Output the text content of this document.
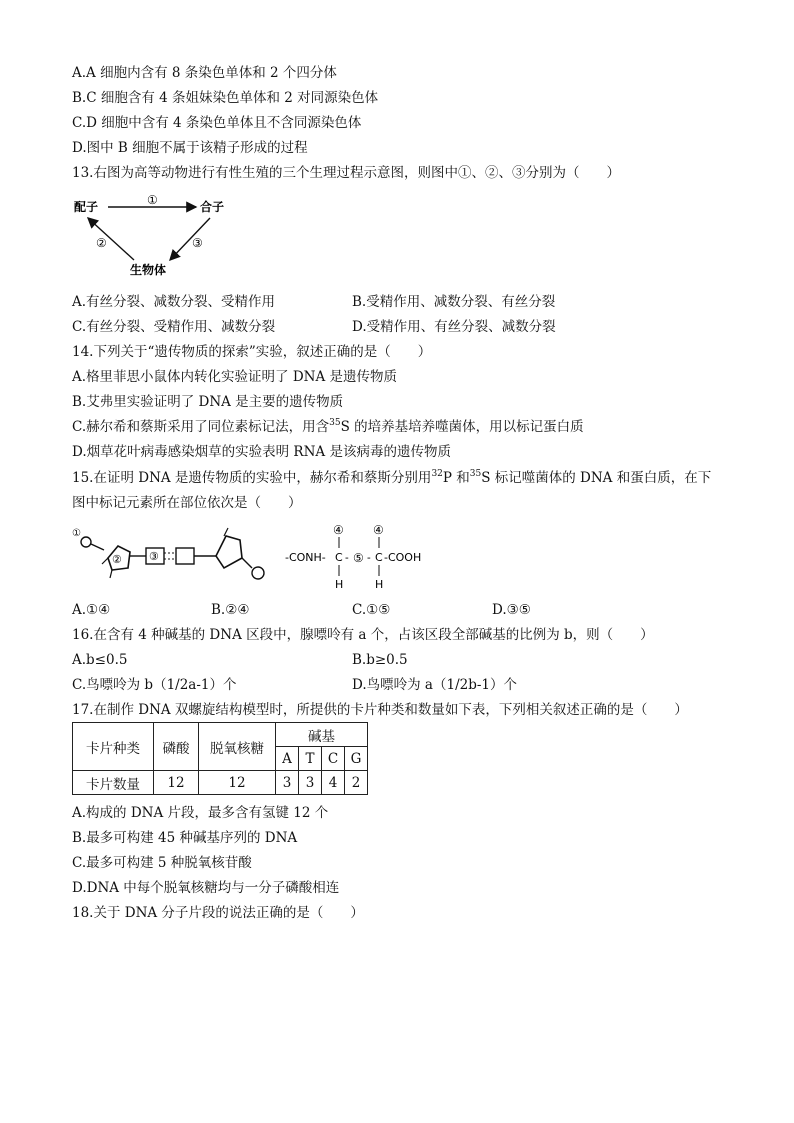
A.A 细胞内含有 8 条染色单体和 2 个四分体
B.C 细胞含有 4 条姐妹染色单体和 2 对同源染色体
C.D 细胞中含有 4 条染色单体且不含同源染色体
D.图中 B 细胞不属于该精子形成的过程
13.右图为高等动物进行有性生殖的三个生理过程示意图，则图中①、②、③分别为（　　）
配子	合子
生物体
①
②	③
A.有丝分裂、减数分裂、受精作用	B.受精作用、减数分裂、有丝分裂
C.有丝分裂、受精作用、减数分裂	D.受精作用、有丝分裂、减数分裂
14.下列关于“遗传物质的探索”实验，叙述正确的是（　　）
A.格里菲思小鼠体内转化实验证明了 DNA 是遗传物质
B.艾弗里实验证明了 DNA 是主要的遗传物质
C.赫尔希和蔡斯采用了同位素标记法，用含$^{35}$S 的培养基培养噬菌体，用以标记蛋白质
D.烟草花叶病毒感染烟草的实验表明 RNA 是该病毒的遗传物质
15.在证明 DNA 是遗传物质的实验中，赫尔希和蔡斯分别用$^{32}$P 和$^{35}$S 标记噬菌体的 DNA 和蛋白质，在下
图中标记元素所在部位依次是（　　）
② ③
①	④ ④
-CONH- C - ⑤ - C -COOH
H	H
A.①④	B.②④	C.①⑤	D.③⑤
16.在含有 4 种碱基的 DNA 区段中，腺嘌呤有 a 个，占该区段全部碱基的比例为 b，则（　　）
A.b≤0.5	B.b≥0.5
C.鸟嘌呤为 b（1/2a-1）个	D.鸟嘌呤为 a（1/2b-1）个
17.在制作 DNA 双螺旋结构模型时，所提供的卡片种类和数量如下表，下列相关叙述正确的是（　　）
卡片种类	磷酸	脱氧核糖	碱基			
			A	T	C	G
卡片数量	12	12	3	3	4	2
A.构成的 DNA 片段，最多含有氢键 12 个
B.最多可构建 45 种碱基序列的 DNA
C.最多可构建 5 种脱氧核苷酸
D.DNA 中每个脱氧核糖均与一分子磷酸相连
18.关于 DNA 分子片段的说法正确的是（　　）
